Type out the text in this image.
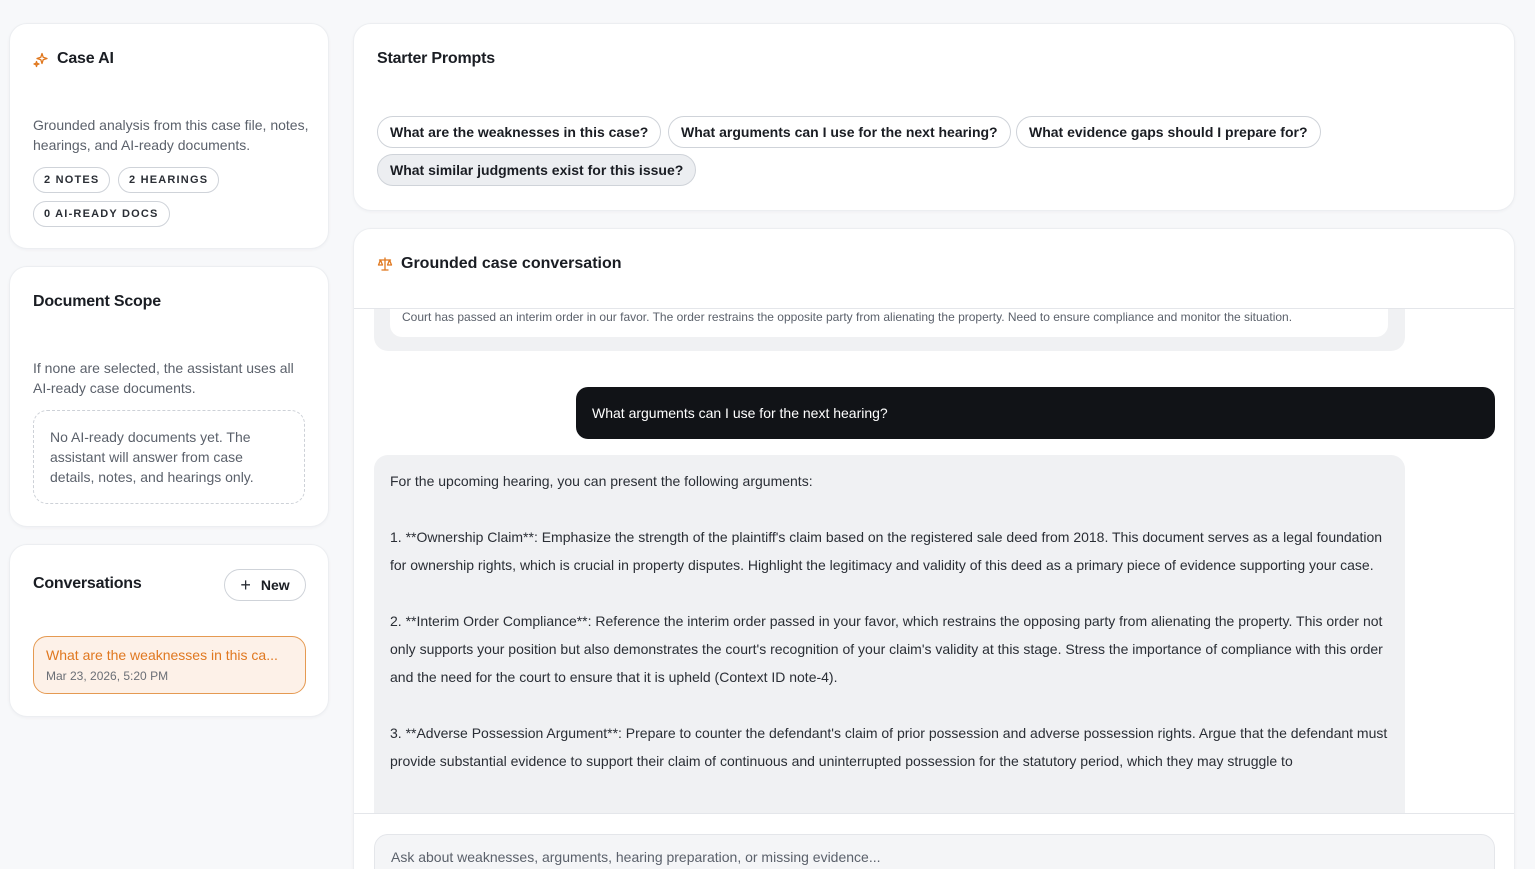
Case AI
Grounded analysis from this case file, notes, hearings, and AI-ready documents.
2 NOTES	2 HEARINGS
0 AI-READY DOCS
Document Scope
If none are selected, the assistant uses all AI-ready case documents.
No AI-ready documents yet. The assistant will answer from case details, notes, and hearings only.
Conversations	+ New
What are the weaknesses in this ca...
Mar 23, 2026, 5:20 PM
Starter Prompts
What are the weaknesses in this case?	What arguments can I use for the next hearing?	What evidence gaps should I prepare for?
What similar judgments exist for this issue?
Grounded case conversation
Court has passed an interim order in our favor. The order restrains the opposite party from alienating the property. Need to ensure compliance and monitor the situation.
What arguments can I use for the next hearing?

For the upcoming hearing, you can present the following arguments:

1. **Ownership Claim**: Emphasize the strength of the plaintiff's claim based on the registered sale deed from 2018. This document serves as a legal foundation for ownership rights, which is crucial in property disputes. Highlight the legitimacy and validity of this deed as a primary piece of evidence supporting your case.

2. **Interim Order Compliance**: Reference the interim order passed in your favor, which restrains the opposing party from alienating the property. This order not only supports your position but also demonstrates the court's recognition of your claim's validity at this stage. Stress the importance of compliance with this order and the need for the court to ensure that it is upheld (Context ID note-4).

3. **Adverse Possession Argument**: Prepare to counter the defendant's claim of prior possession and adverse possession rights. Argue that the defendant must provide substantial evidence to support their claim of continuous and uninterrupted possession for the statutory period, which they may struggle to

Ask about weaknesses, arguments, hearing preparation, or missing evidence...
